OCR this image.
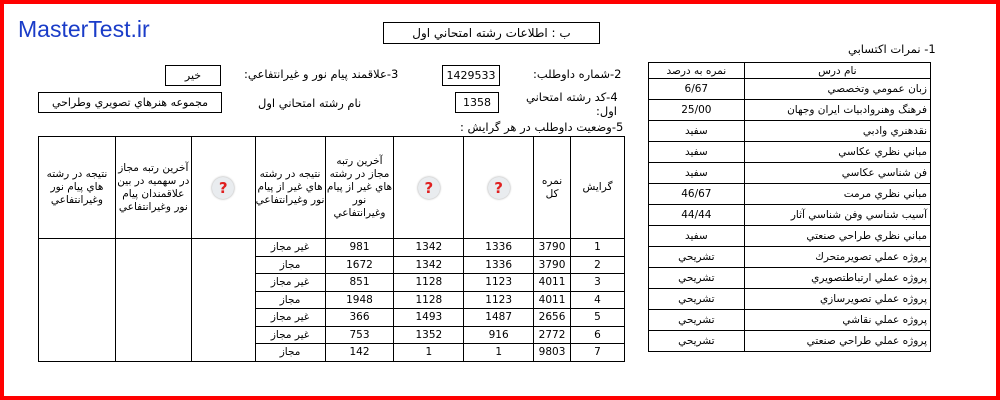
MasterTest.ir	ب : اطلاعات رشته امتحاني اول
2-شماره داوطلب:
1429533
3-علاقمند پيام نور و غيرانتفاعي:
خير
4-كد رشته امتحاني
اول:
1358
نام رشته امتحاني اول
مجموعه هنرهاي تصويري وطراحي
5-وضعيت داوطلب در هر گرايش :
نتيجه در رشته هاي پيام نور وغيرانتفاعي	آخرين رتبه مجاز در سهميه در بين علاقمندان پيام نور وغيرانتفاعي	?	نتيجه در رشته هاي غير از پيام نور وغيرانتفاعي	آخرين رتبه مجاز در رشته هاي غير از پيام نور وغيرانتفاعي	?	?	نمره كل	گرايش
			غير مجاز	981	1342	1336	3790	1
			مجاز	1672	1342	1336	3790	2
			غير مجاز	851	1128	1123	4011	3
			مجاز	1948	1128	1123	4011	4
			غير مجاز	366	1493	1487	2656	5
			غير مجاز	753	1352	916	2772	6
			مجاز	142	1	1	9803	7
1- نمرات اكتسابي
نمره به درصد	نام درس
6/67	زبان عمومي وتخصصي
25/00	فرهنگ وهنروادبيات ايران وجهان
سفيد	نقدهنري وادبي
سفيد	مباني نظري عكاسي
سفيد	فن شناسي عكاسي
46/67	مباني نظري مرمت
44/44	آسيب شناسي وفن شناسي آثار
سفيد	مباني نظري طراحي صنعتي
تشريحي	پروژه عملي تصويرمتحرك
تشريحي	پروژه عملي ارتباطتصويري
تشريحي	پروژه عملي تصويرسازي
تشريحي	پروژه عملي نقاشي
تشريحي	پروژه عملي طراحي صنعتي
